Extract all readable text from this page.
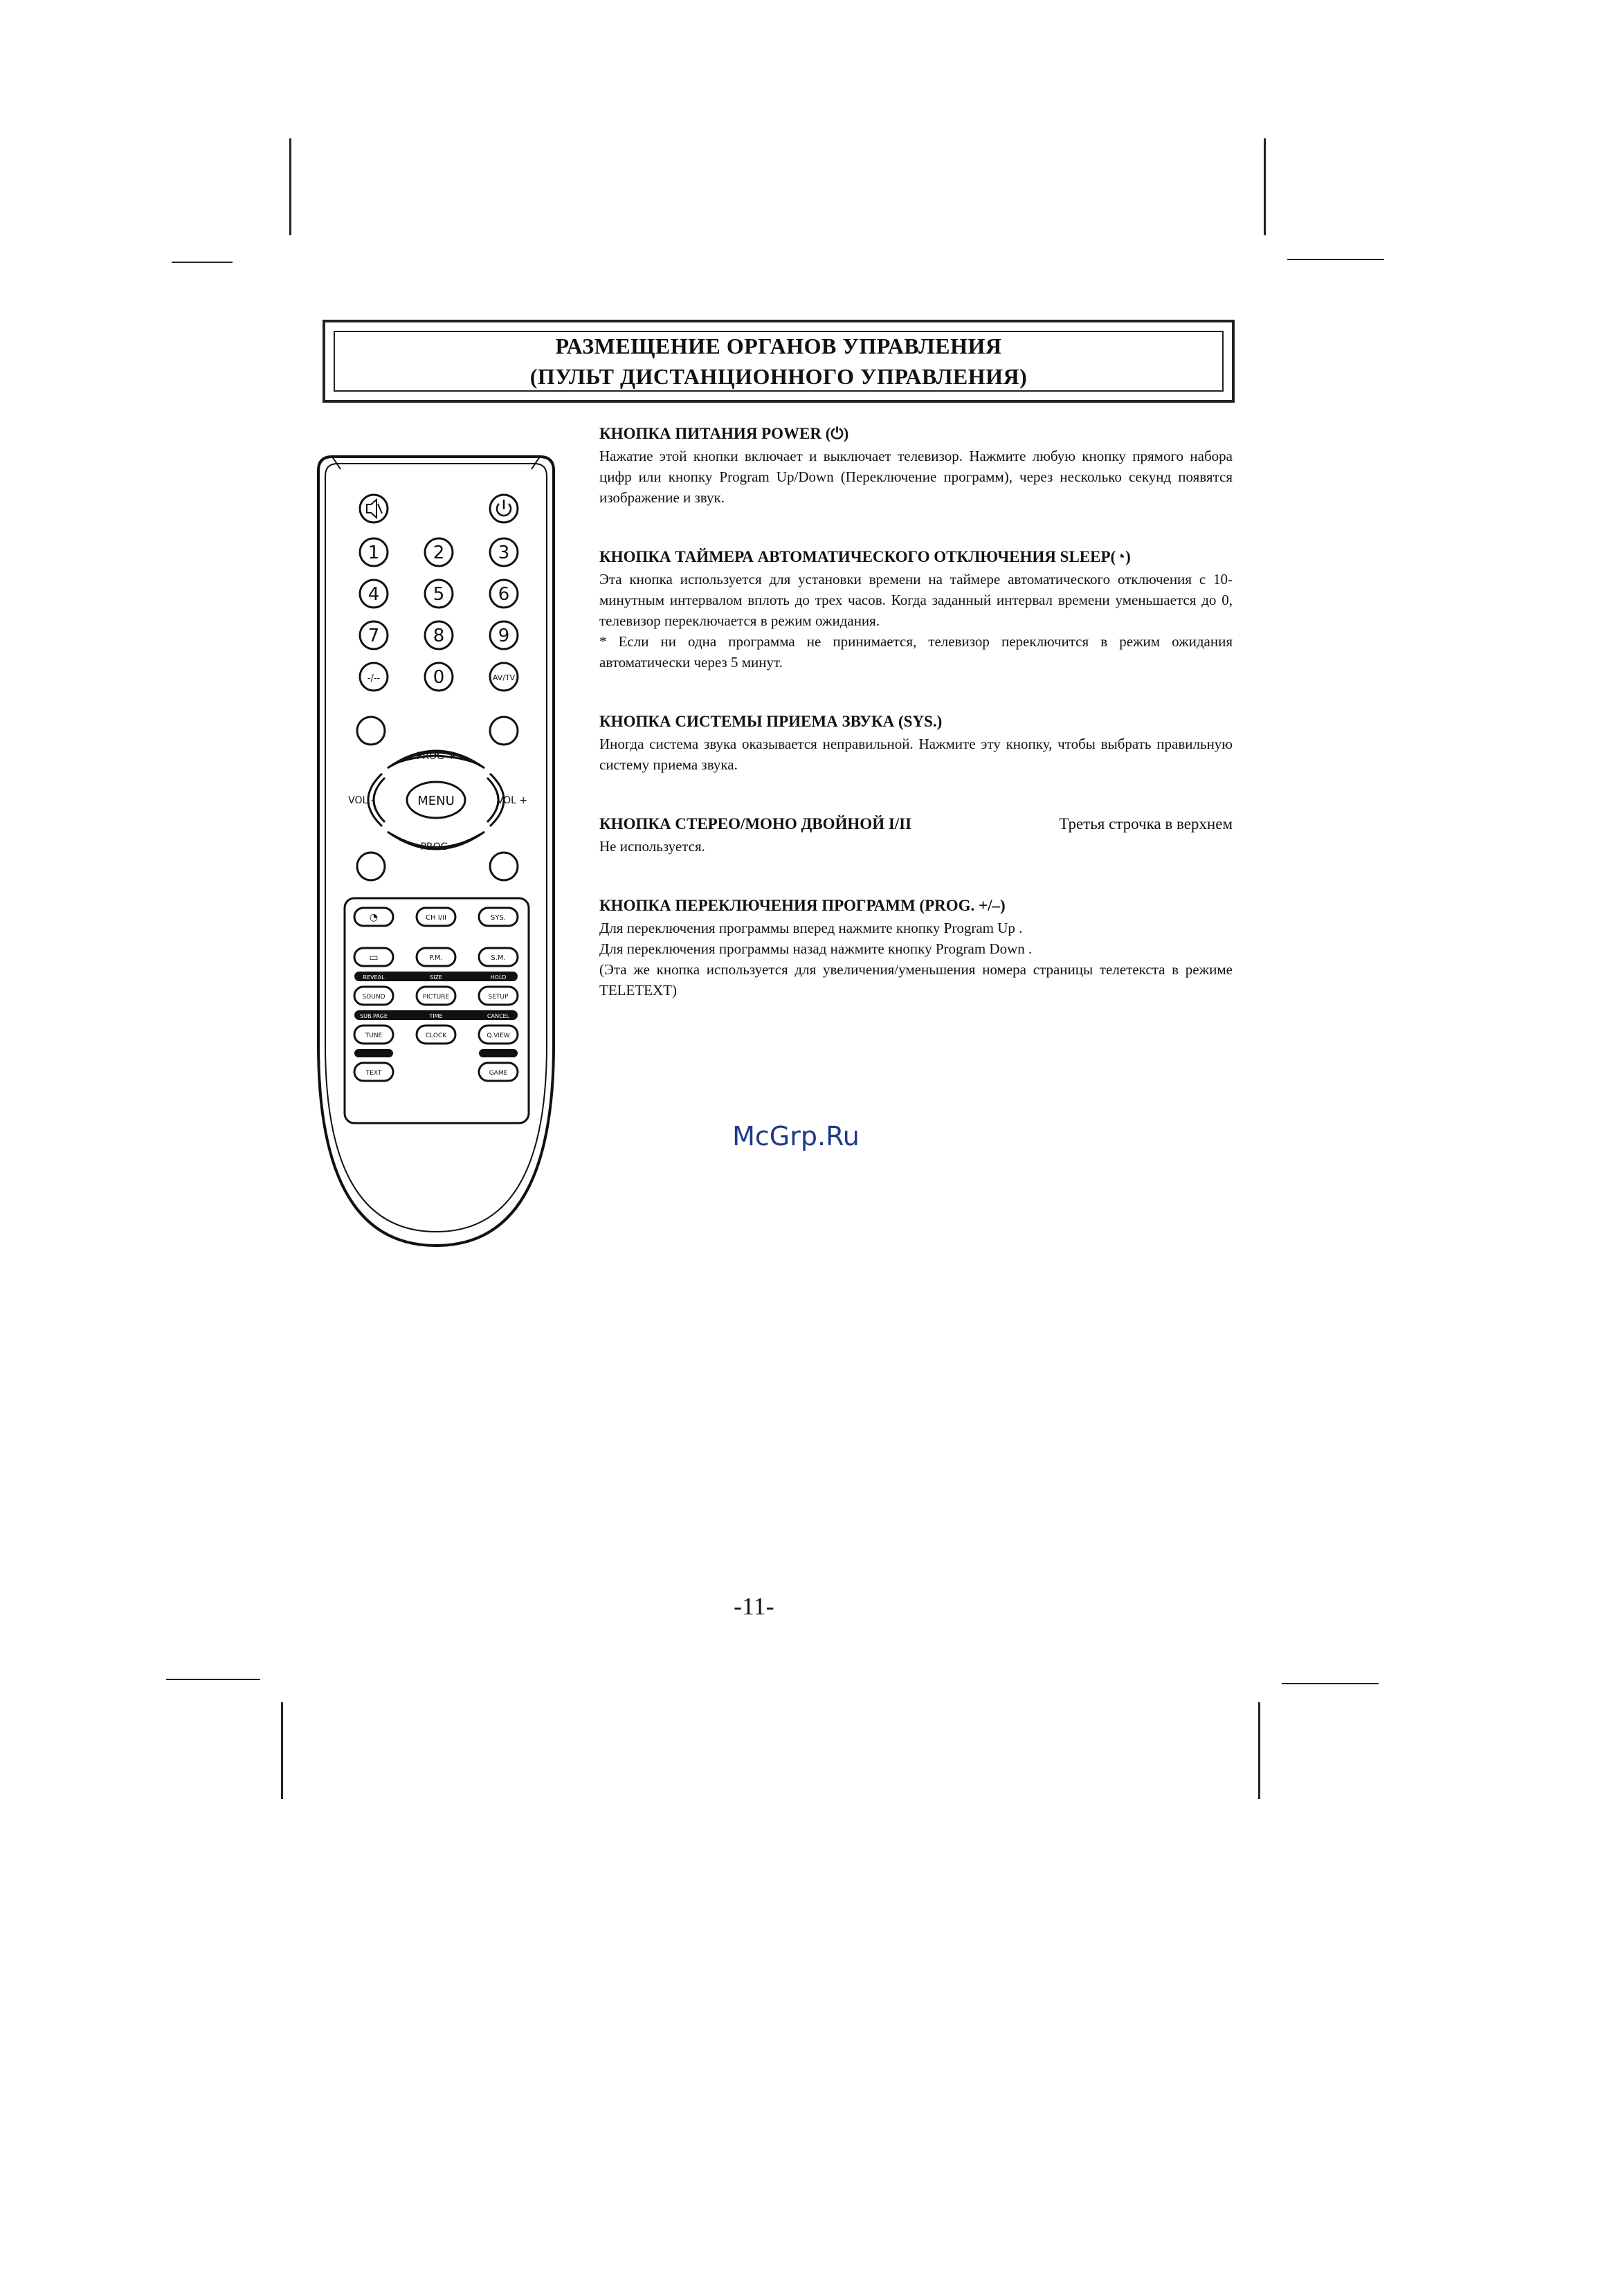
РАЗМЕЩЕНИЕ ОРГАНОВ УПРАВЛЕНИЯ
(ПУЛЬТ ДИСТАНЦИОННОГО УПРАВЛЕНИЯ)
1	2	3
4	5	6
7	8	9
-/--	0	AV/TV
PROG +
PROG-
VOL -	VOL +
MENU
◔	CH I/II	SYS.
▭	P.M.	S.M.
REVEAL	SIZE	HOLD
SOUND	PICTURE	SETUP
SUB.PAGE	TIME	CANCEL
TUNE	CLOCK	Q.VIEW
TEXT	GAME

КНОПКА ПИТАНИЯ POWER (⏻)

Нажатие этой кнопки включает и выключает телевизор. Нажмите любую кнопку прямого набора цифр или кнопку Program Up/Down (Переключение программ), через несколько секунд появятся изображение и звук.

КНОПКА ТАЙМЕРА АВТОМАТИЧЕСКОГО ОТКЛЮЧЕНИЯ SLEEP(◔)

Эта кнопка используется для установки времени на таймере автоматического отключения с 10-минутным интервалом вплоть до трех часов. Когда заданный интервал времени уменьшается до 0, телевизор переключается в режим ожидания.

* Если ни одна программа не принимается, телевизор переключится в режим ожидания автоматически через 5 минут.

КНОПКА СИСТЕМЫ ПРИЕМА ЗВУКА (SYS.)

Иногда система звука оказывается неправильной. Нажмите эту кнопку, чтобы выбрать правильную систему приема звука.

КНОПКА СТЕРЕО/МОНО ДВОЙНОЙ I/II	Третья строчка в верхнем

Не используется.

КНОПКА ПЕРЕКЛЮЧЕНИЯ ПРОГРАММ (PROG. +/–)

Для переключения программы вперед нажмите кнопку Program Up .

Для переключения программы назад нажмите кнопку Program Down .

(Эта же кнопка используется для увеличения/уменьшения номера страницы телетекста в режиме TELETEXT)

McGrp.Ru
-11-
